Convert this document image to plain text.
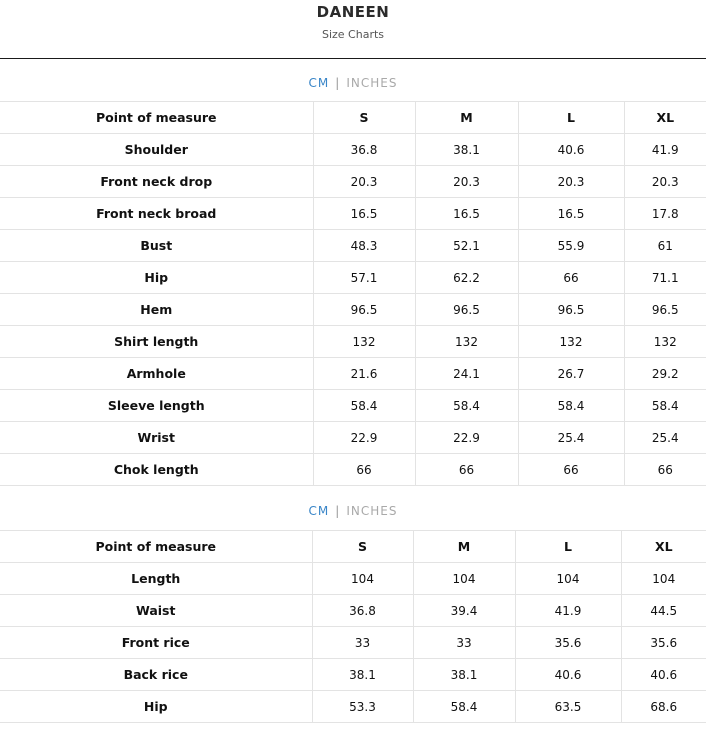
DANEEN
Size Charts
CM | INCHES
Point of measure	S	M	L	XL
Shoulder	36.8	38.1	40.6	41.9
Front neck drop	20.3	20.3	20.3	20.3
Front neck broad	16.5	16.5	16.5	17.8
Bust	48.3	52.1	55.9	61
Hip	57.1	62.2	66	71.1
Hem	96.5	96.5	96.5	96.5
Shirt length	132	132	132	132
Armhole	21.6	24.1	26.7	29.2
Sleeve length	58.4	58.4	58.4	58.4
Wrist	22.9	22.9	25.4	25.4
Chok length	66	66	66	66
CM | INCHES
Point of measure	S	M	L	XL
Length	104	104	104	104
Waist	36.8	39.4	41.9	44.5
Front rice	33	33	35.6	35.6
Back rice	38.1	38.1	40.6	40.6
Hip	53.3	58.4	63.5	68.6
